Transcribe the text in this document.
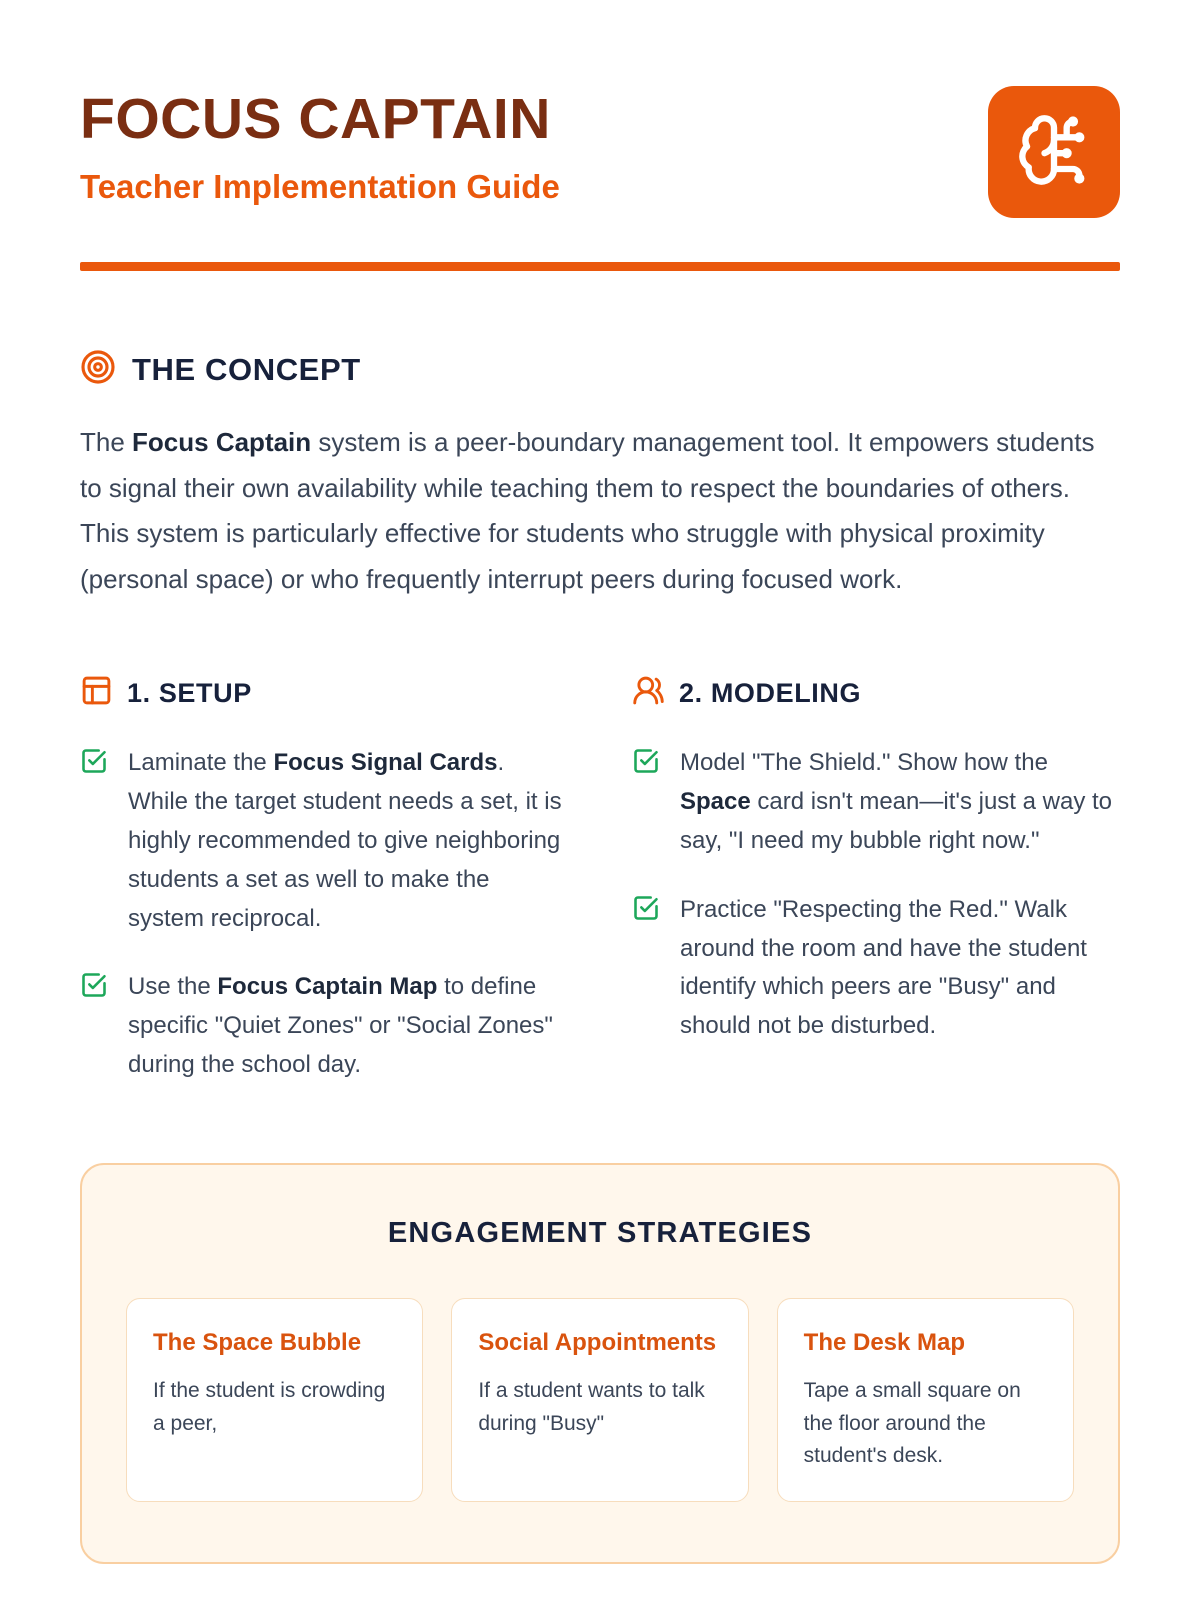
FOCUS CAPTAIN
Teacher Implementation Guide
THE CONCEPT

The Focus Captain system is a peer-boundary management tool. It empowers students to signal their own availability while teaching them to respect the boundaries of others. This system is particularly effective for students who struggle with physical proximity (personal space) or who frequently interrupt peers during focused work.

1. SETUP
Laminate the Focus Signal Cards. While the target student needs a set, it is highly recommended to give neighboring students a set as well to make the system reciprocal.
Use the Focus Captain Map to define specific "Quiet Zones" or "Social Zones" during the school day.
2. MODELING
Model "The Shield." Show how the Space card isn't mean—it's just a way to say, "I need my bubble right now."
Practice "Respecting the Red." Walk around the room and have the student identify which peers are "Busy" and should not be disturbed.
ENGAGEMENT STRATEGIES
The Space Bubble
If the student is crowding a peer,
Social Appointments
If a student wants to talk during "Busy"
The Desk Map
Tape a small square on the floor around the student's desk.
